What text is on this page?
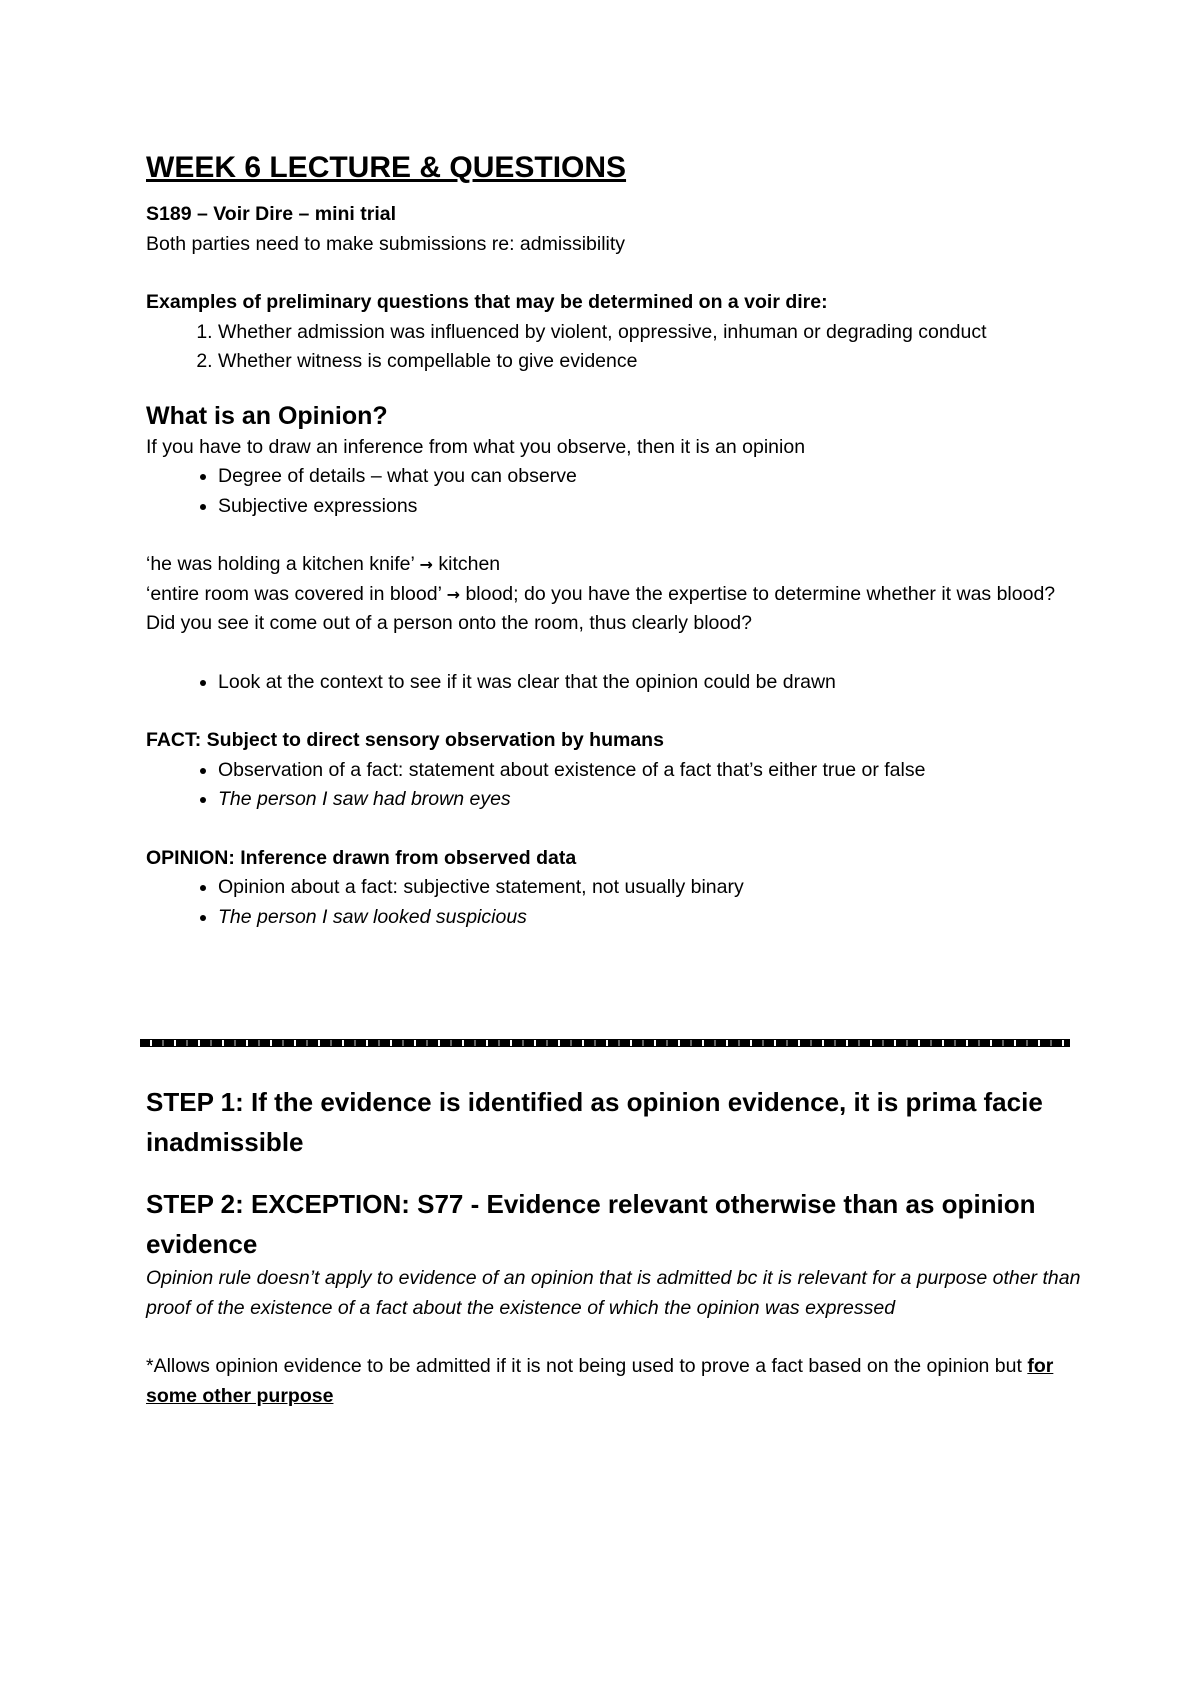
WEEK 6 LECTURE & QUESTIONS

S189 – Voir Dire – mini trial

Both parties need to make submissions re: admissibility

Examples of preliminary questions that may be determined on a voir dire:

1. Whether admission was influenced by violent, oppressive, inhuman or degrading conduct
2. Whether witness is compellable to give evidence
What is an Opinion?

If you have to draw an inference from what you observe, then it is an opinion

• Degree of details – what you can observe
• Subjective expressions

‘he was holding a kitchen knife’ → kitchen

‘entire room was covered in blood’ → blood; do you have the expertise to determine whether it was blood? Did you see it come out of a person onto the room, thus clearly blood?

• Look at the context to see if it was clear that the opinion could be drawn

FACT: Subject to direct sensory observation by humans

• Observation of a fact: statement about existence of a fact that’s either true or false
• The person I saw had brown eyes

OPINION: Inference drawn from observed data

• Opinion about a fact: subjective statement, not usually binary
• The person I saw looked suspicious
STEP 1: If the evidence is identified as opinion evidence, it is prima facie inadmissible
STEP 2: EXCEPTION: S77 - Evidence relevant otherwise than as opinion evidence

Opinion rule doesn’t apply to evidence of an opinion that is admitted bc it is relevant for a purpose other than proof of the existence of a fact about the existence of which the opinion was expressed

*Allows opinion evidence to be admitted if it is not being used to prove a fact based on the opinion but for some other purpose
